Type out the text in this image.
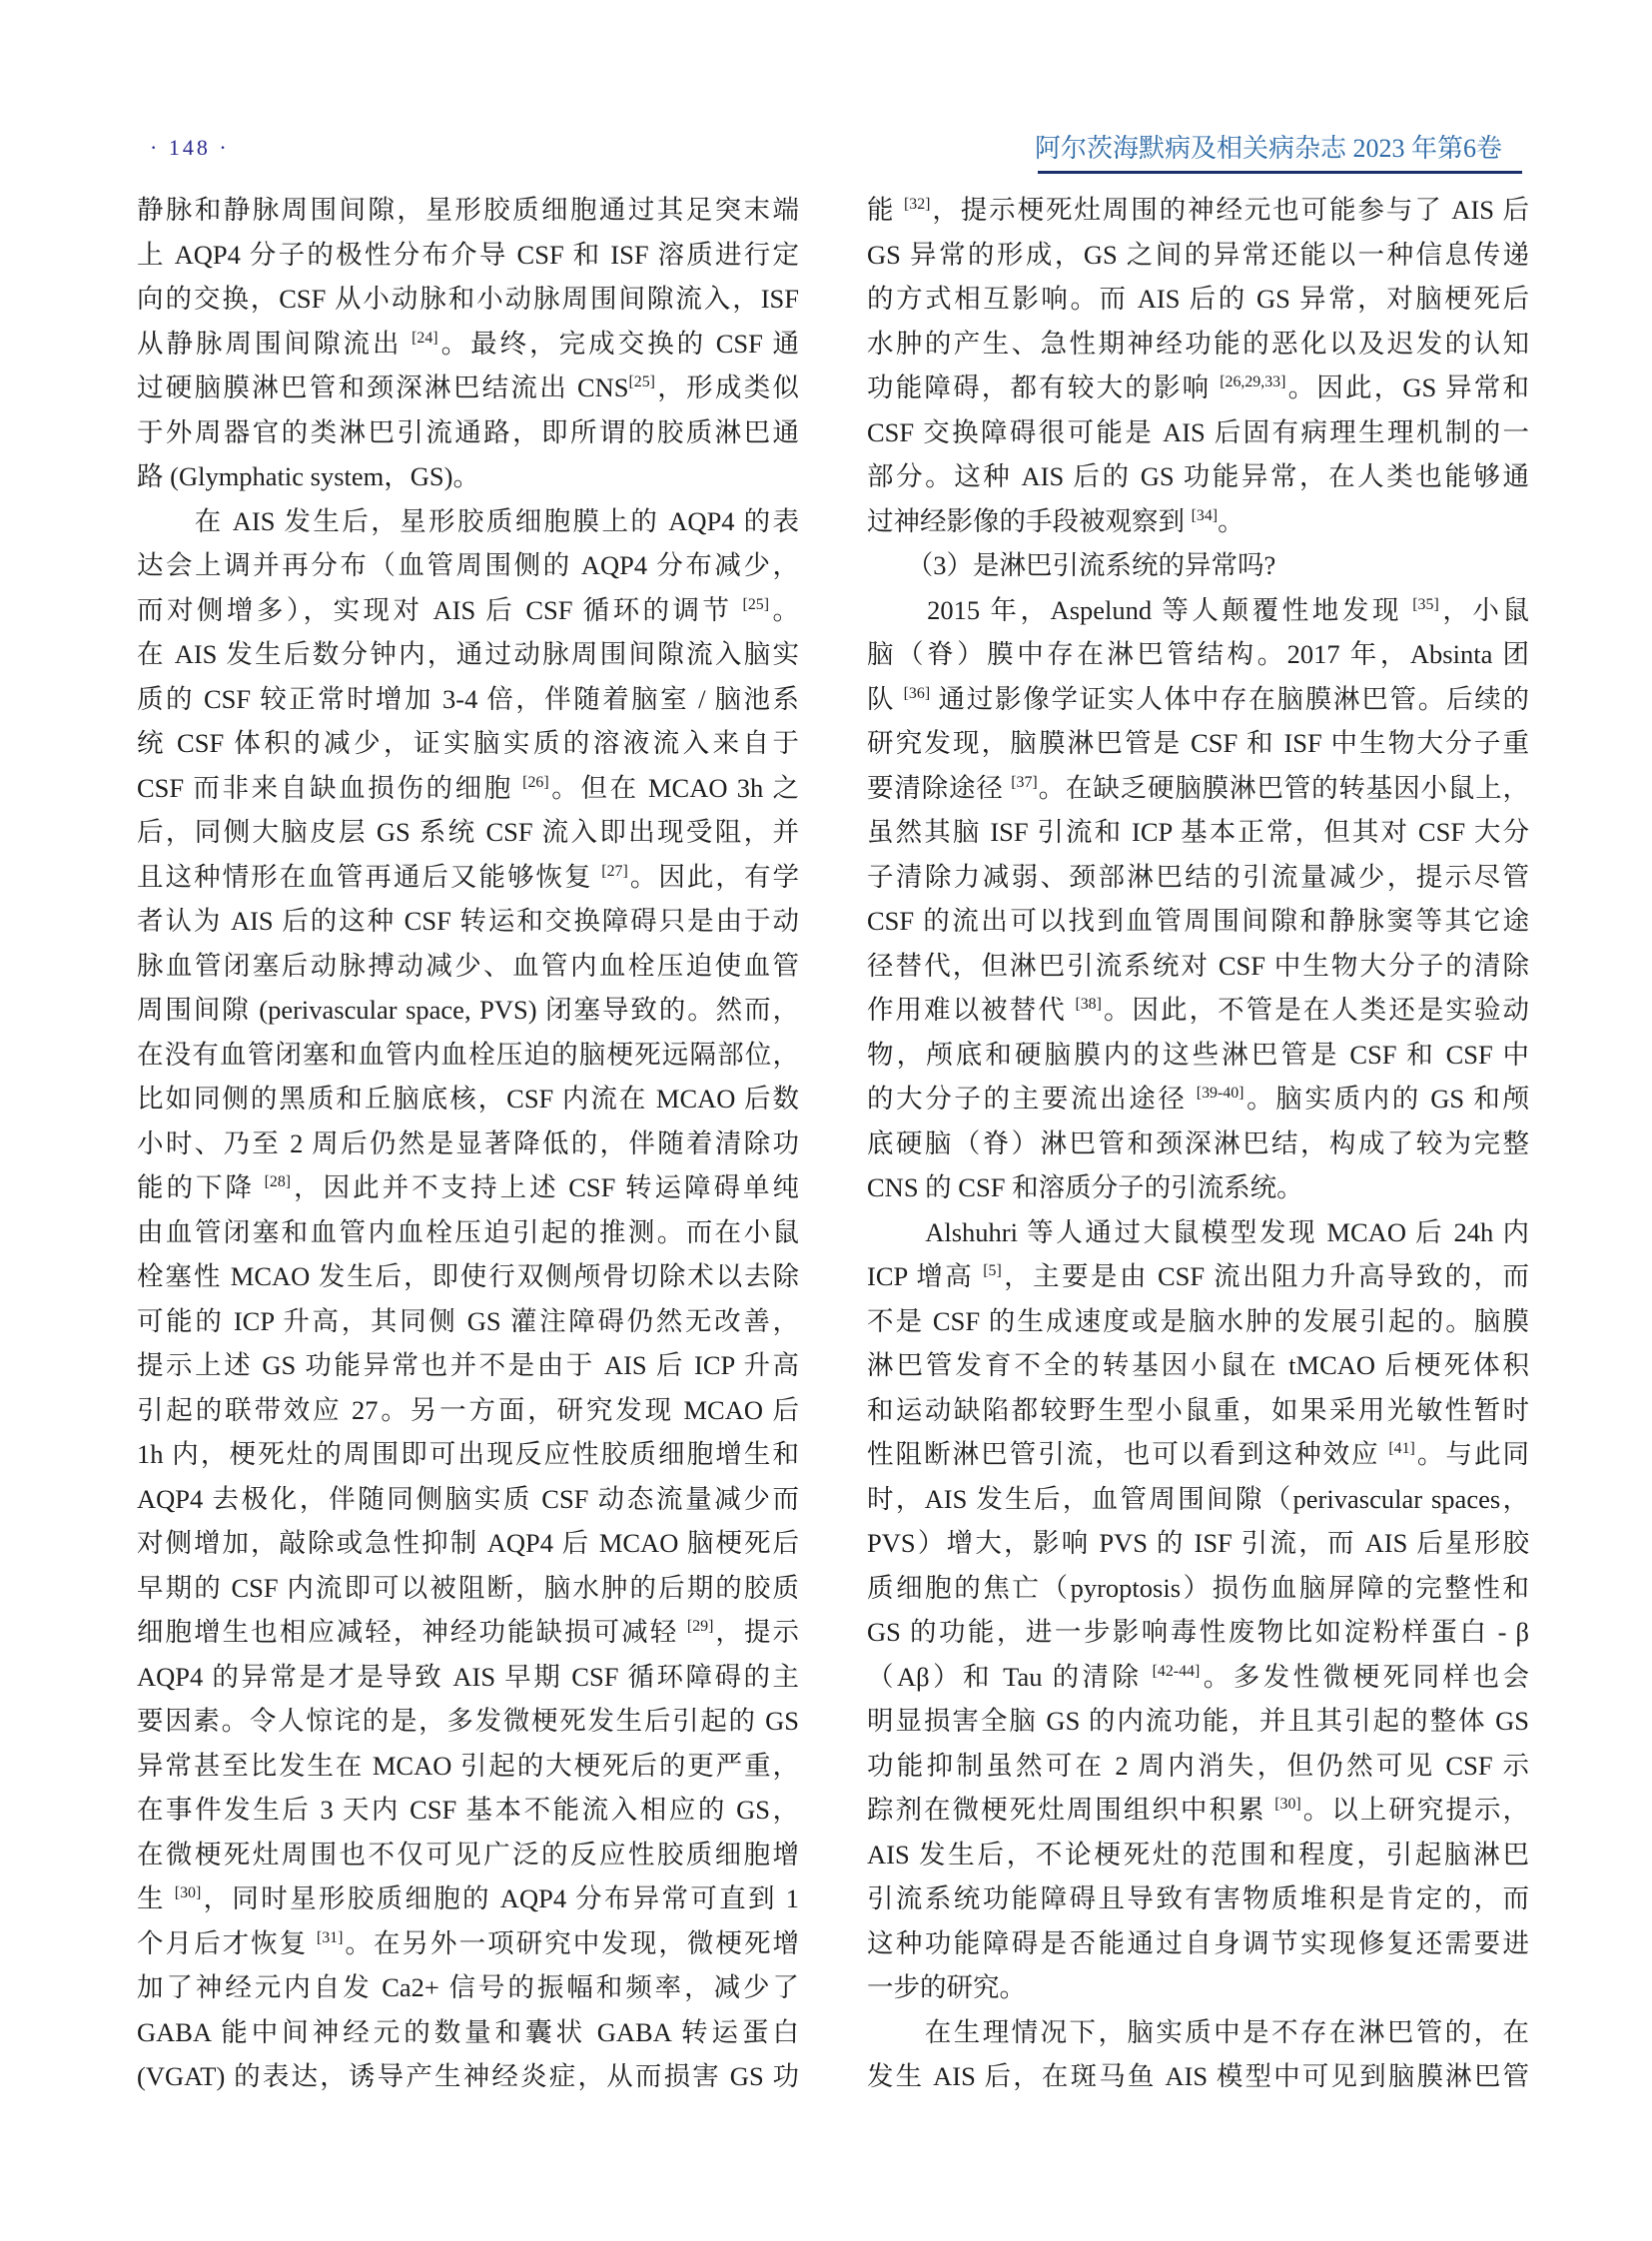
· 148 ·	阿尔茨海默病及相关病杂志 2023 年第6卷
静脉和静脉周围间隙，星形胶质细胞通过其足突末端
上 AQP4 分子的极性分布介导 CSF 和 ISF 溶质进行定
向的交换，CSF 从小动脉和小动脉周围间隙流入，ISF
从静脉周围间隙流出 [24]。最终，完成交换的 CSF 通
过硬脑膜淋巴管和颈深淋巴结流出 CNS[25]，形成类似
于外周器官的类淋巴引流通路，即所谓的胶质淋巴通
路 (Glymphatic system，GS)。
　　在 AIS 发生后，星形胶质细胞膜上的 AQP4 的表
达会上调并再分布（血管周围侧的 AQP4 分布减少，
而对侧增多），实现对 AIS 后 CSF 循环的调节 [25]。
在 AIS 发生后数分钟内，通过动脉周围间隙流入脑实
质的 CSF 较正常时增加 3-4 倍，伴随着脑室 / 脑池系
统 CSF 体积的减少，证实脑实质的溶液流入来自于
CSF 而非来自缺血损伤的细胞 [26]。但在 MCAO 3h 之
后，同侧大脑皮层 GS 系统 CSF 流入即出现受阻，并
且这种情形在血管再通后又能够恢复 [27]。因此，有学
者认为 AIS 后的这种 CSF 转运和交换障碍只是由于动
脉血管闭塞后动脉搏动减少、血管内血栓压迫使血管
周围间隙 (perivascular space, PVS) 闭塞导致的。然而，
在没有血管闭塞和血管内血栓压迫的脑梗死远隔部位，
比如同侧的黑质和丘脑底核，CSF 内流在 MCAO 后数
小时、乃至 2 周后仍然是显著降低的，伴随着清除功
能的下降 [28]，因此并不支持上述 CSF 转运障碍单纯
由血管闭塞和血管内血栓压迫引起的推测。而在小鼠
栓塞性 MCAO 发生后，即使行双侧颅骨切除术以去除
可能的 ICP 升高，其同侧 GS 灌注障碍仍然无改善，
提示上述 GS 功能异常也并不是由于 AIS 后 ICP 升高
引起的联带效应 27。另一方面，研究发现 MCAO 后
1h 内，梗死灶的周围即可出现反应性胶质细胞增生和
AQP4 去极化，伴随同侧脑实质 CSF 动态流量减少而
对侧增加，敲除或急性抑制 AQP4 后 MCAO 脑梗死后
早期的 CSF 内流即可以被阻断，脑水肿的后期的胶质
细胞增生也相应减轻，神经功能缺损可减轻 [29]，提示
AQP4 的异常是才是导致 AIS 早期 CSF 循环障碍的主
要因素。令人惊诧的是，多发微梗死发生后引起的 GS
异常甚至比发生在 MCAO 引起的大梗死后的更严重，
在事件发生后 3 天内 CSF 基本不能流入相应的 GS，
在微梗死灶周围也不仅可见广泛的反应性胶质细胞增
生 [30]，同时星形胶质细胞的 AQP4 分布异常可直到 1
个月后才恢复 [31]。在另外一项研究中发现，微梗死增
加了神经元内自发 Ca2+ 信号的振幅和频率，减少了
GABA 能中间神经元的数量和囊状 GABA 转运蛋白
(VGAT) 的表达，诱导产生神经炎症，从而损害 GS 功
能 [32]，提示梗死灶周围的神经元也可能参与了 AIS 后
GS 异常的形成，GS 之间的异常还能以一种信息传递
的方式相互影响。而 AIS 后的 GS 异常，对脑梗死后
水肿的产生、急性期神经功能的恶化以及迟发的认知
功能障碍，都有较大的影响 [26,29,33]。因此，GS 异常和
CSF 交换障碍很可能是 AIS 后固有病理生理机制的一
部分。这种 AIS 后的 GS 功能异常，在人类也能够通
过神经影像的手段被观察到 [34]。
　　（3）是淋巴引流系统的异常吗?
　　2015 年，Aspelund 等人颠覆性地发现 [35]，小鼠
脑（脊）膜中存在淋巴管结构。2017 年，Absinta 团
队 [36] 通过影像学证实人体中存在脑膜淋巴管。后续的
研究发现，脑膜淋巴管是 CSF 和 ISF 中生物大分子重
要清除途径 [37]。在缺乏硬脑膜淋巴管的转基因小鼠上，
虽然其脑 ISF 引流和 ICP 基本正常，但其对 CSF 大分
子清除力减弱、颈部淋巴结的引流量减少，提示尽管
CSF 的流出可以找到血管周围间隙和静脉窦等其它途
径替代，但淋巴引流系统对 CSF 中生物大分子的清除
作用难以被替代 [38]。因此，不管是在人类还是实验动
物，颅底和硬脑膜内的这些淋巴管是 CSF 和 CSF 中
的大分子的主要流出途径 [39-40]。脑实质内的 GS 和颅
底硬脑（脊）淋巴管和颈深淋巴结，构成了较为完整
CNS 的 CSF 和溶质分子的引流系统。
　　Alshuhri 等人通过大鼠模型发现 MCAO 后 24h 内
ICP 增高 [5]，主要是由 CSF 流出阻力升高导致的，而
不是 CSF 的生成速度或是脑水肿的发展引起的。脑膜
淋巴管发育不全的转基因小鼠在 tMCAO 后梗死体积
和运动缺陷都较野生型小鼠重，如果采用光敏性暂时
性阻断淋巴管引流，也可以看到这种效应 [41]。与此同
时，AIS 发生后，血管周围间隙（perivascular spaces，
PVS）增大，影响 PVS 的 ISF 引流，而 AIS 后星形胶
质细胞的焦亡（pyroptosis）损伤血脑屏障的完整性和
GS 的功能，进一步影响毒性废物比如淀粉样蛋白 - β
（Aβ）和 Tau 的清除 [42-44]。多发性微梗死同样也会
明显损害全脑 GS 的内流功能，并且其引起的整体 GS
功能抑制虽然可在 2 周内消失，但仍然可见 CSF 示
踪剂在微梗死灶周围组织中积累 [30]。以上研究提示，
AIS 发生后，不论梗死灶的范围和程度，引起脑淋巴
引流系统功能障碍且导致有害物质堆积是肯定的，而
这种功能障碍是否能通过自身调节实现修复还需要进
一步的研究。
　　在生理情况下，脑实质中是不存在淋巴管的，在
发生 AIS 后，在斑马鱼 AIS 模型中可见到脑膜淋巴管
